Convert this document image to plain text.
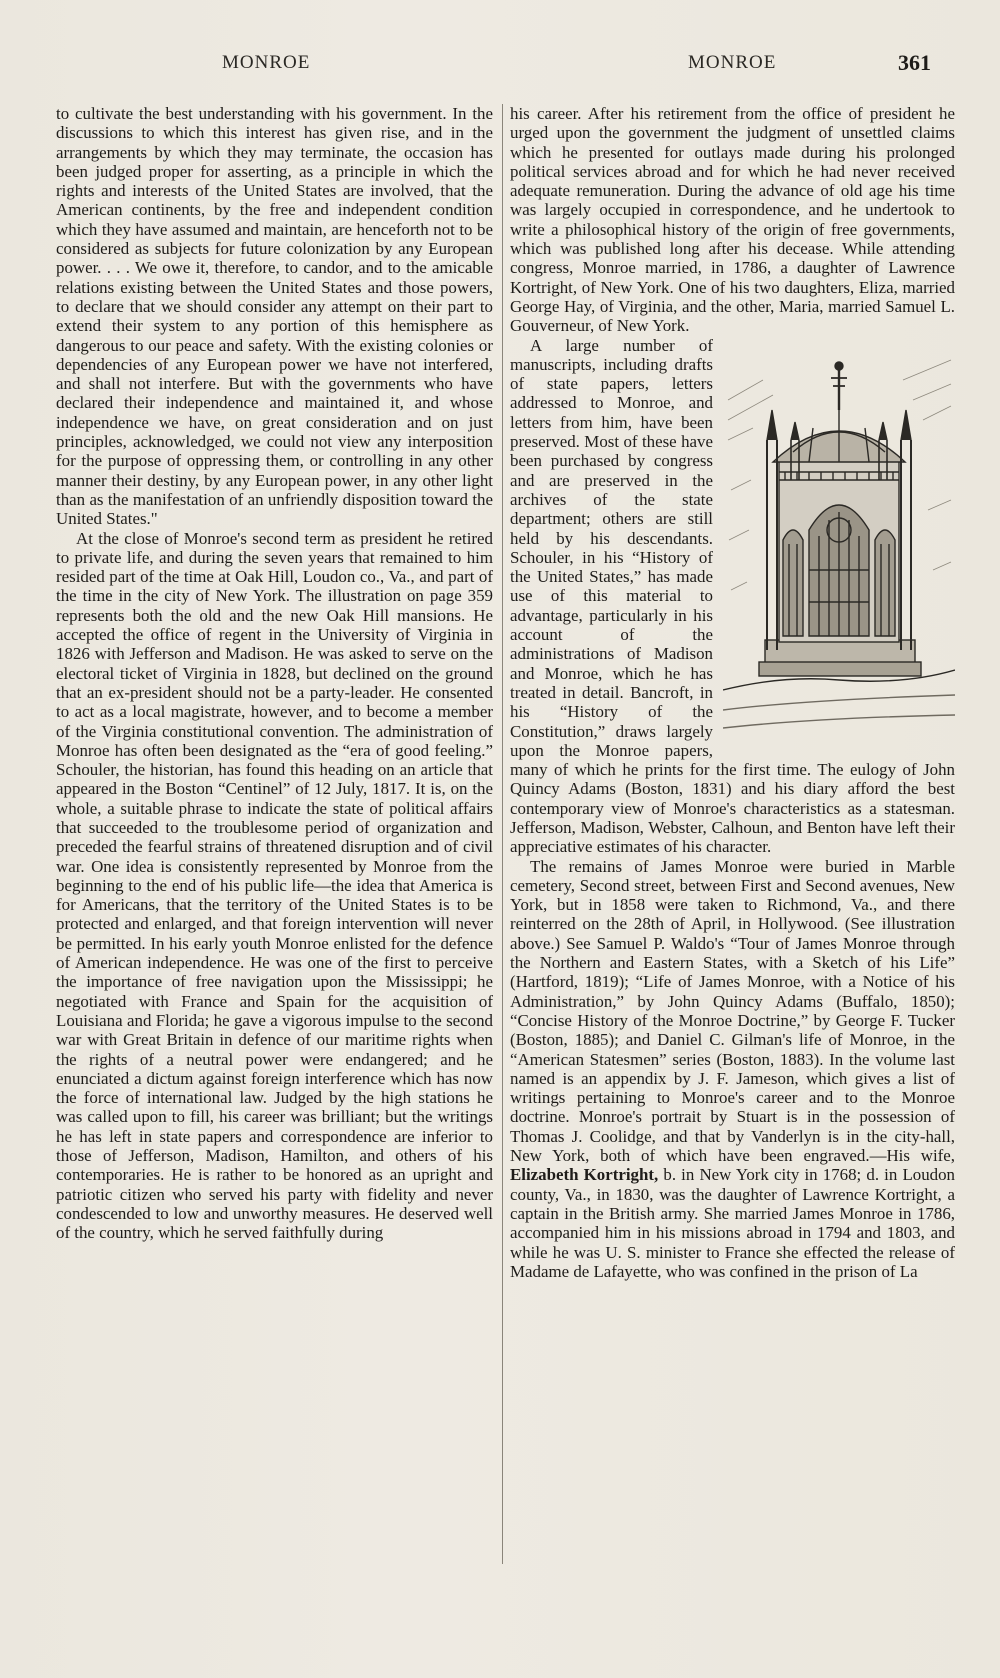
MONROE	MONROE	361

to cultivate the best understanding with his government. In the discussions to which this interest has given rise, and in the arrangements by which they may terminate, the occasion has been judged proper for asserting, as a principle in which the rights and interests of the United States are involved, that the American continents, by the free and independent condition which they have assumed and maintain, are henceforth not to be considered as subjects for future colonization by any European power. . . . We owe it, therefore, to candor, and to the amicable relations existing between the United States and those powers, to declare that we should consider any attempt on their part to extend their system to any portion of this hemisphere as dangerous to our peace and safety. With the existing colonies or dependencies of any European power we have not interfered, and shall not interfere. But with the governments who have declared their independence and maintained it, and whose independence we have, on great consideration and on just principles, acknowledged, we could not view any interposition for the purpose of oppressing them, or controlling in any other manner their destiny, by any European power, in any other light than as the manifestation of an unfriendly disposition toward the United States."

At the close of Monroe's second term as president he retired to private life, and during the seven years that remained to him resided part of the time at Oak Hill, Loudon co., Va., and part of the time in the city of New York. The illustration on page 359 represents both the old and the new Oak Hill mansions. He accepted the office of regent in the University of Virginia in 1826 with Jefferson and Madison. He was asked to serve on the electoral ticket of Virginia in 1828, but declined on the ground that an ex-president should not be a party-leader. He consented to act as a local magistrate, however, and to become a member of the Virginia constitutional convention. The administration of Monroe has often been designated as the “era of good feeling.” Schouler, the historian, has found this heading on an article that appeared in the Boston “Centinel” of 12 July, 1817. It is, on the whole, a suitable phrase to indicate the state of political affairs that succeeded to the troublesome period of organization and preceded the fearful strains of threatened disruption and of civil war. One idea is consistently represented by Monroe from the beginning to the end of his public life—the idea that America is for Americans, that the territory of the United States is to be protected and enlarged, and that foreign intervention will never be permitted. In his early youth Monroe enlisted for the defence of American independence. He was one of the first to perceive the importance of free navigation upon the Mississippi; he negotiated with France and Spain for the acquisition of Louisiana and Florida; he gave a vigorous impulse to the second war with Great Britain in defence of our maritime rights when the rights of a neutral power were endangered; and he enunciated a dictum against foreign interference which has now the force of international law. Judged by the high stations he was called upon to fill, his career was brilliant; but the writings he has left in state papers and correspondence are inferior to those of Jefferson, Madison, Hamilton, and others of his contemporaries. He is rather to be honored as an upright and patriotic citizen who served his party with fidelity and never condescended to low and unworthy measures. He deserved well of the country, which he served faithfully during

his career. After his retirement from the office of president he urged upon the government the judgment of unsettled claims which he presented for outlays made during his prolonged political services abroad and for which he had never received adequate remuneration. During the advance of old age his time was largely occupied in correspondence, and he undertook to write a philosophical history of the origin of free governments, which was published long after his decease. While attending congress, Monroe married, in 1786, a daughter of Lawrence Kortright, of New York. One of his two daughters, Eliza, married George Hay, of Virginia, and the other, Maria, married Samuel L. Gouverneur, of New York.

A large number of manuscripts, including drafts of state papers, letters addressed to Monroe, and letters from him, have been preserved. Most of these have been purchased by congress and are preserved in the archives of the state department; others are still held by his descendants. Schouler, in his “History of the United States,” has made use of this material to advantage, particularly in his account of the administrations of Madison and Monroe, which he has treated in detail. Bancroft, in his “History of the Constitution,” draws largely upon the Monroe papers, many of which he prints for the first time. The eulogy of John Quincy Adams (Boston, 1831) and his diary afford the best contemporary view of Monroe's characteristics as a statesman. Jefferson, Madison, Webster, Calhoun, and Benton have left their appreciative estimates of his character.

The remains of James Monroe were buried in Marble cemetery, Second street, between First and Second avenues, New York, but in 1858 were taken to Richmond, Va., and there reinterred on the 28th of April, in Hollywood. (See illustration above.) See Samuel P. Waldo's “Tour of James Monroe through the Northern and Eastern States, with a Sketch of his Life” (Hartford, 1819); “Life of James Monroe, with a Notice of his Administration,” by John Quincy Adams (Buffalo, 1850); “Concise History of the Monroe Doctrine,” by George F. Tucker (Boston, 1885); and Daniel C. Gilman's life of Monroe, in the “American Statesmen” series (Boston, 1883). In the volume last named is an appendix by J. F. Jameson, which gives a list of writings pertaining to Monroe's career and to the Monroe doctrine. Monroe's portrait by Stuart is in the possession of Thomas J. Coolidge, and that by Vanderlyn is in the city-hall, New York, both of which have been engraved.—His wife, Elizabeth Kortright, b. in New York city in 1768; d. in Loudon county, Va., in 1830, was the daughter of Lawrence Kortright, a captain in the British army. She married James Monroe in 1786, accompanied him in his missions abroad in 1794 and 1803, and while he was U. S. minister to France she effected the release of Madame de Lafayette, who was confined in the prison of La
